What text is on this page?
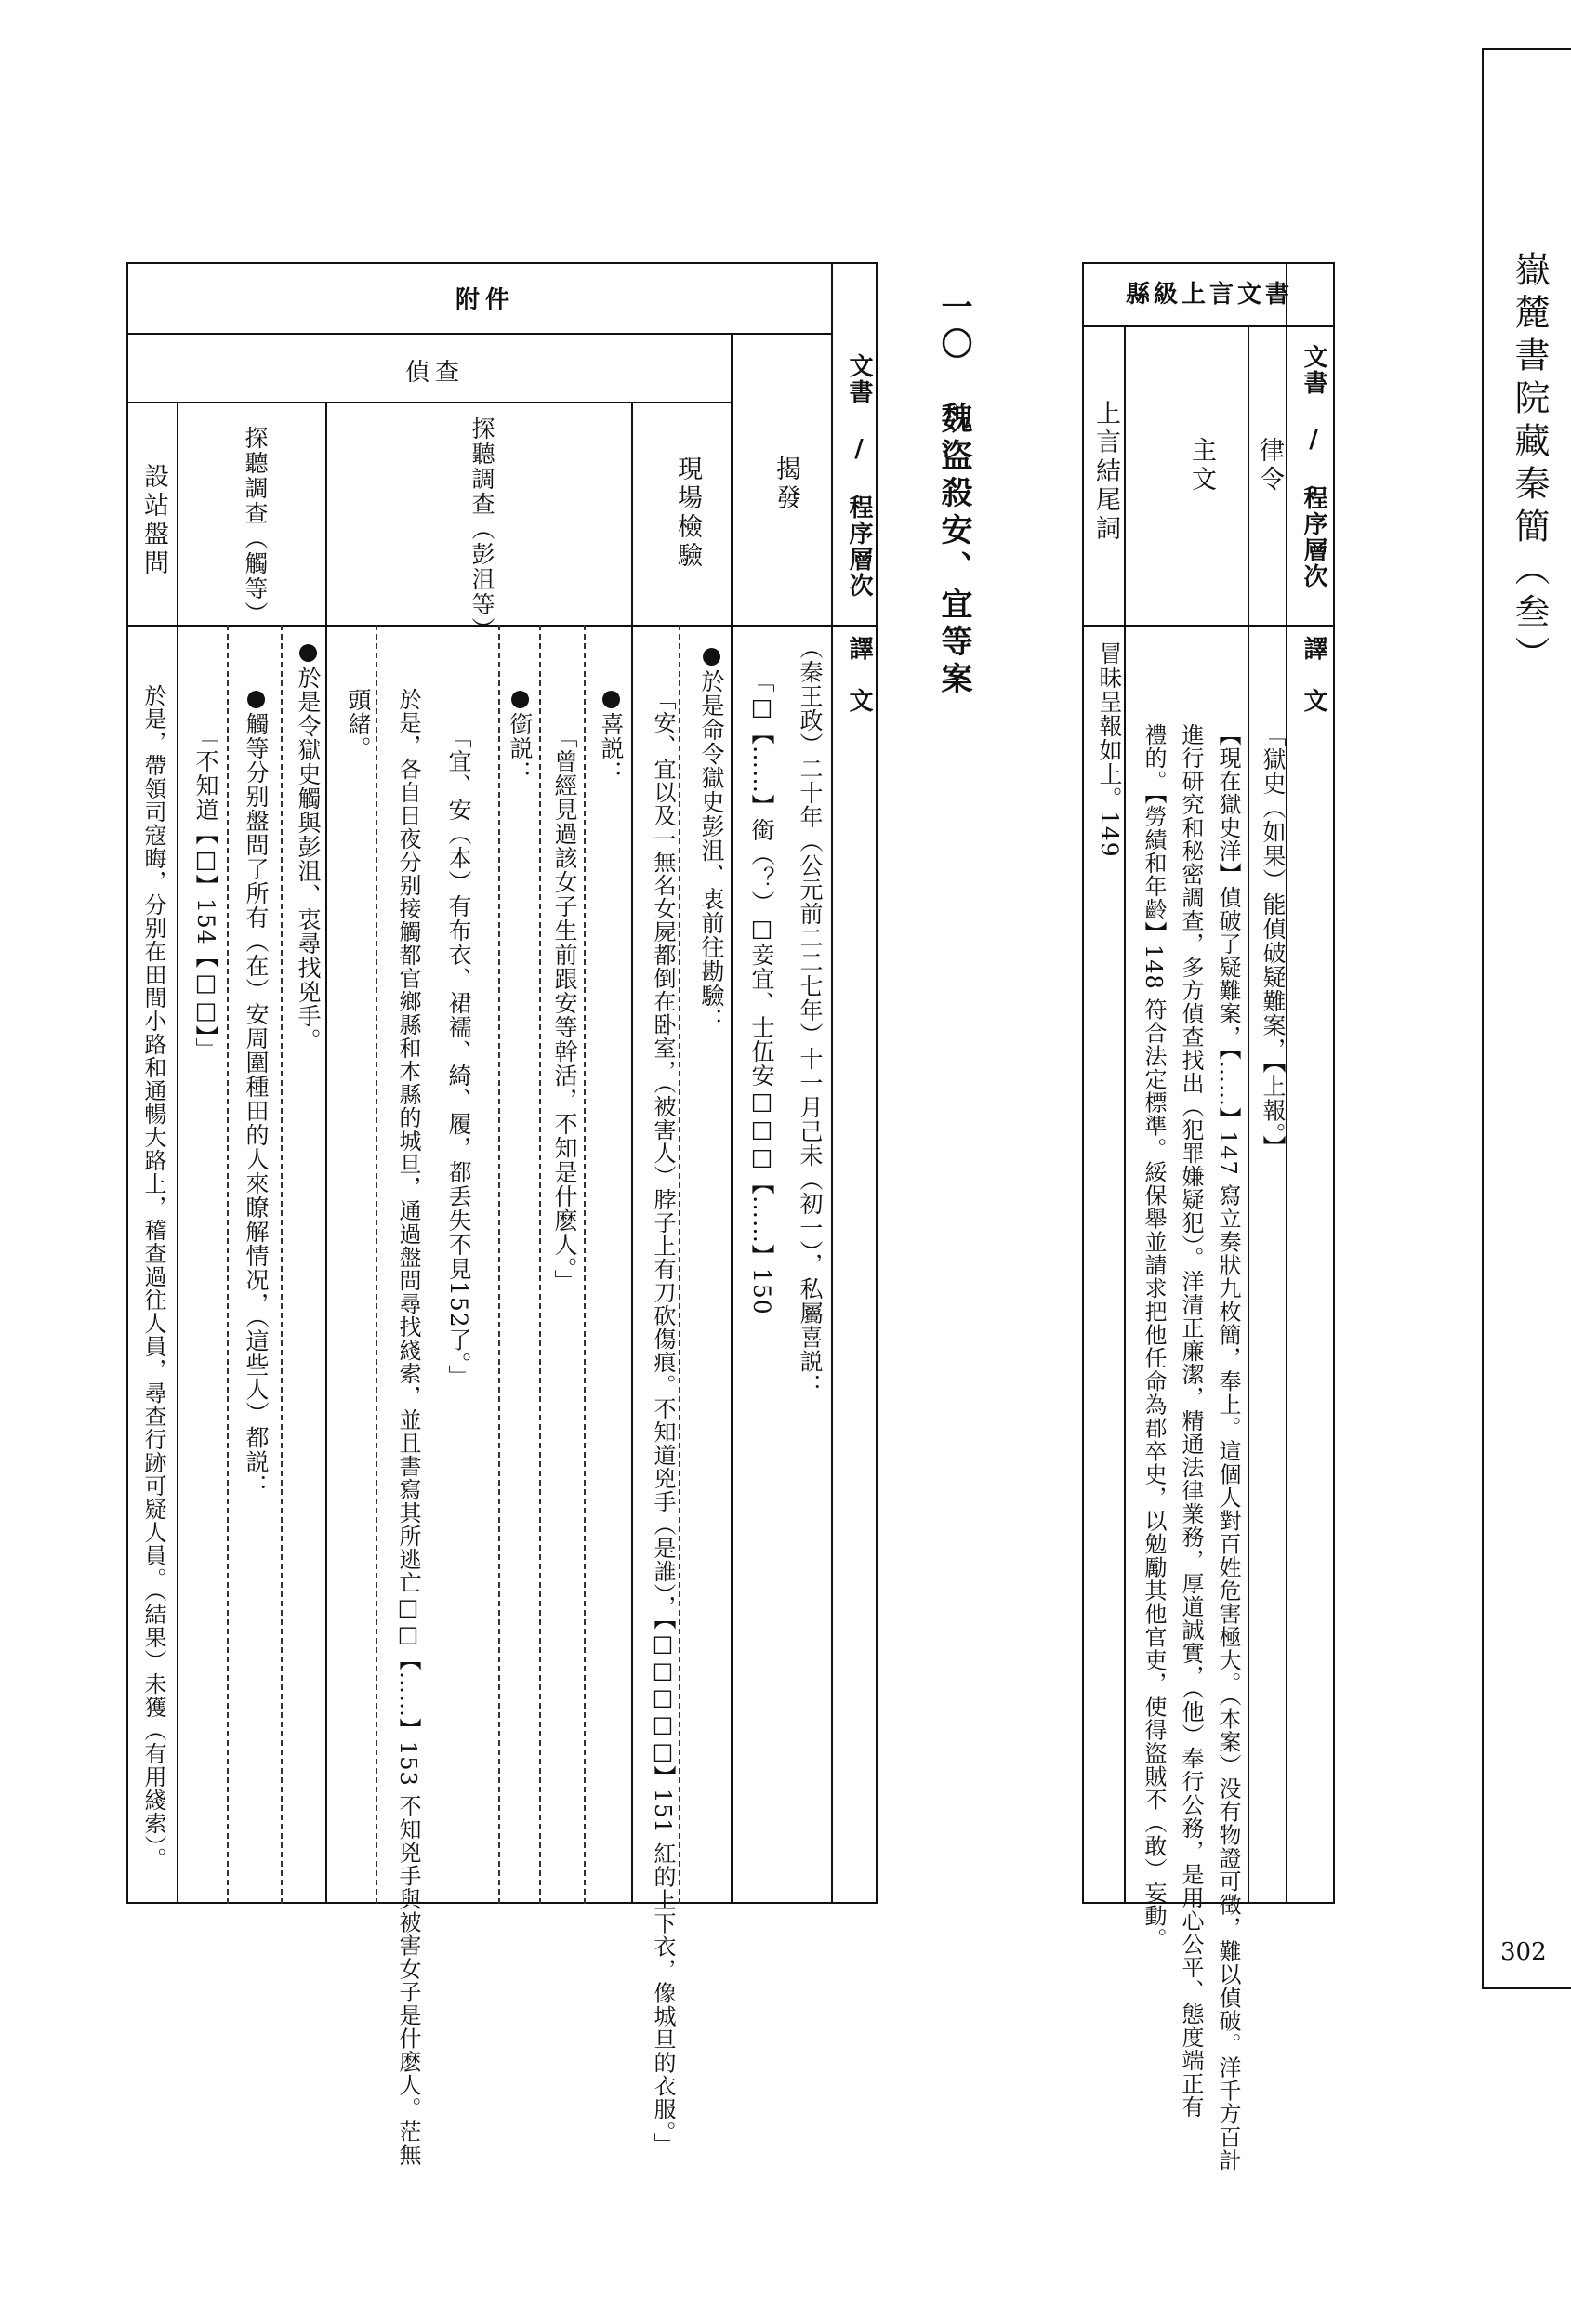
嶽麓書院藏秦簡（叁）
302
縣級上言文書
文書 / 程序層次
譯　文
律令
主文
上言結尾詞
「獄史（如果）能偵破疑難案，【上報。】
【現在獄史洋】偵破了疑難案，【……】147 寫立奏狀九枚簡，奉上。這個人對百姓危害極大。（本案）没有物證可徵，難以偵破。洋千方百計
進行研究和秘密調查，多方偵查找出（犯罪嫌疑犯）。洋清正廉潔，精通法律業務，厚道誠實，（他）奉行公務，是用心公平、態度端正有
禮的。【勞績和年齡】148 符合法定標準。綏保舉並請求把他任命為郡卒史，以勉勵其他官吏，使得盜賊不（敢）妄動。
冒昧呈報如上。149
一〇　魏盜殺安、宜等案
附件
偵查	文書 / 程序層次
譯　文
揭發
現場檢驗
探聽調查（彭沮等）
探聽調查（觸等）
設站盤問
（秦王政）二十年（公元前二二七年）十一月己未（初一），私屬喜説：
「□【……】銜（？）□妾宜、士伍安□□□【……】150
●於是命令獄史彭沮、衷前往勘驗：
「安、宜以及一無名女屍都倒在卧室，（被害人）脖子上有刀砍傷痕。不知道兇手（是誰），【□□□□□】151 紅的上下衣，像城旦的衣服。」
●喜説：
「曾經見過該女子生前跟安等幹活，不知是什麽人。」
●銜説：
「宜、安（本）有布衣、裙襦、綺、履，都丢失不見152了。」
於是，各自日夜分别接觸都官鄉縣和本縣的城旦，通過盤問尋找綫索，並且書寫其所逃亡□□【……】153 不知兇手與被害女子是什麽人。茫無
頭緒。
●於是令獄史觸與彭沮、衷尋找兇手。
●觸等分别盤問了所有（在）安周圍種田的人來瞭解情况，（這些人）都説：
「不知道【□】154【□□】」
於是，帶領司寇晦，分别在田間小路和通暢大路上，稽查過往人員，尋查行跡可疑人員。（結果）未獲（有用綫索）。
